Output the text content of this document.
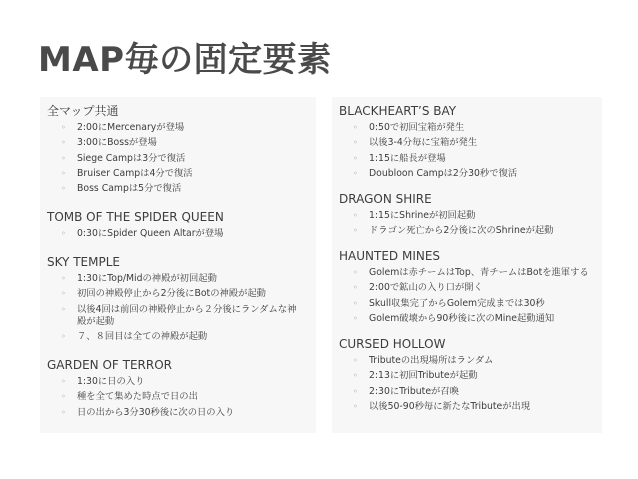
MAP毎の固定要素
全マップ共通
◦ 2:00にMercenaryが登場
◦ 3:00にBossが登場
◦ Siege Campは3分で復活
◦ Bruiser Campは4分で復活
◦ Boss Campは5分で復活
TOMB OF THE SPIDER QUEEN
◦ 0:30にSpider Queen Altarが登場
SKY TEMPLE
◦ 1:30にTop/Midの神殿が初回起動
◦ 初回の神殿停止から2分後にBotの神殿が起動
◦ 以後4回は前回の神殿停止から２分後にランダムな神殿が起動
◦ ７、８回目は全ての神殿が起動
GARDEN OF TERROR
◦ 1:30に日の入り
◦ 種を全て集めた時点で日の出
◦ 日の出から3分30秒後に次の日の入り
BLACKHEART’S BAY
◦ 0:50で初回宝箱が発生
◦ 以後3-4分毎に宝箱が発生
◦ 1:15に船長が登場
◦ Doubloon Campは2分30秒で復活
DRAGON SHIRE
◦ 1:15にShrineが初回起動
◦ ドラゴン死亡から2分後に次のShrineが起動
HAUNTED MINES
◦ Golemは赤チームはTop、青チームはBotを進軍する
◦ 2:00で鉱山の入り口が開く
◦ Skull収集完了からGolem完成までは30秒
◦ Golem破壊から90秒後に次のMine起動通知
CURSED HOLLOW
◦ Tributeの出現場所はランダム
◦ 2:13に初回Tributeが起動
◦ 2:30にTributeが召喚
◦ 以後50-90秒毎に新たなTributeが出現
